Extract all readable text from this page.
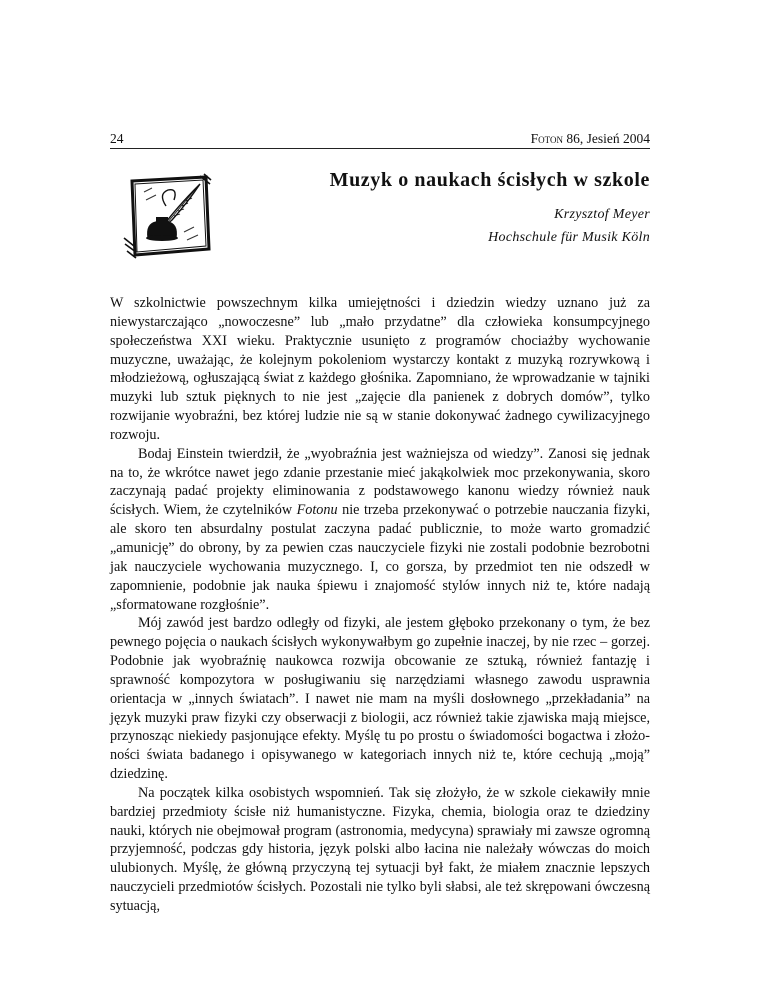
24	Foton 86, Jesień 2004
Muzyk o naukach ścisłych w szkole
Krzysztof Meyer
Hochschule für Musik Köln

W szkolnictwie powszechnym kilka umiejętności i dziedzin wiedzy uznano już za niewystarczająco „nowoczesne” lub „mało przydatne” dla człowieka konsumpcyjnego społeczeństwa XXI wieku. Praktycznie usunięto z programów chociażby wychowanie muzyczne, uważając, że kolejnym pokoleniom wystarczy kontakt z muzyką rozrywkową i młodzieżową, ogłuszającą świat z każdego głośnika. Zapomniano, że wprowadzanie w tajniki muzyki lub sztuk pięknych to nie jest „zajęcie dla panienek z dobrych domów”, tylko rozwijanie wyobraźni, bez której ludzie nie są w stanie dokonywać żadnego cywilizacyjnego rozwoju.

Bodaj Einstein twierdził, że „wyobraźnia jest ważniejsza od wiedzy”. Zanosi się jednak na to, że wkrótce nawet jego zdanie przestanie mieć jakąkolwiek moc przekonywania, skoro zaczynają padać projekty eliminowania z podstawowego kanonu wiedzy również nauk ścisłych. Wiem, że czytelników Fotonu nie trzeba przekonywać o potrzebie nauczania fizyki, ale skoro ten absurdalny postulat zaczyna padać publicznie, to może warto gromadzić „amunicję” do obrony, by za pewien czas nauczyciele fizyki nie zostali podobnie bezrobotni jak nauczyciele wychowania muzycznego. I, co gorsza, by przedmiot ten nie odszedł w zapomnienie, podobnie jak nauka śpiewu i znajomość stylów innych niż te, które nadają „sformatowane rozgłośnie”.

Mój zawód jest bardzo odległy od fizyki, ale jestem głęboko przekonany o tym, że bez pewnego pojęcia o naukach ścisłych wykonywałbym go zupełnie inaczej, by nie rzec – gorzej. Podobnie jak wyobraźnię naukowca rozwija obcowanie ze sztuką, również fantazję i sprawność kompozytora w posługiwaniu się narzędziami własnego zawodu usprawnia orientacja w „innych światach”. I nawet nie mam na myśli dosłownego „przekładania” na język muzyki praw fizyki czy obserwacji z biologii, acz również takie zjawiska mają miejsce, przynosząc niekiedy pasjonujące efekty. Myślę tu po prostu o świadomości bogactwa i złożoności świata badanego i opisywanego w kategoriach innych niż te, które cechują „moją” dziedzinę.

Na początek kilka osobistych wspomnień. Tak się złożyło, że w szkole ciekawiły mnie bardziej przedmioty ścisłe niż humanistyczne. Fizyka, chemia, biologia oraz te dziedziny nauki, których nie obejmował program (astronomia, medycyna) sprawiały mi zawsze ogromną przyjemność, podczas gdy historia, język polski albo łacina nie należały wówczas do moich ulubionych. Myślę, że główną przyczyną tej sytuacji był fakt, że miałem znacznie lepszych nauczycieli przedmiotów ścisłych. Pozostali nie tylko byli słabsi, ale też skrępowani ówczesną sytuacją,
